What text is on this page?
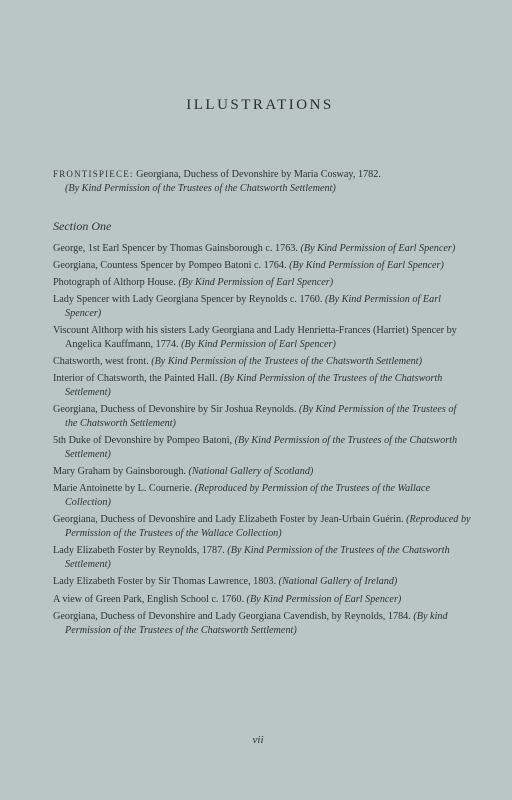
ILLUSTRATIONS
FRONTISPIECE: Georgiana, Duchess of Devonshire by Maria Cosway, 1782.
(By Kind Permission of the Trustees of the Chatsworth Settlement)
Section One
George, 1st Earl Spencer by Thomas Gainsborough c. 1763. (By Kind Permission of Earl Spencer)
Georgiana, Countess Spencer by Pompeo Batoni c. 1764. (By Kind Permission of Earl Spencer)
Photograph of Althorp House. (By Kind Permission of Earl Spencer)
Lady Spencer with Lady Georgiana Spencer by Reynolds c. 1760. (By Kind Permission of Earl Spencer)
Viscount Althorp with his sisters Lady Georgiana and Lady Henrietta-Frances (Harriet) Spencer by Angelica Kauffmann, 1774. (By Kind Permission of Earl Spencer)
Chatsworth, west front. (By Kind Permission of the Trustees of the Chatsworth Settlement)
Interior of Chatsworth, the Painted Hall. (By Kind Permission of the Trustees of the Chatsworth Settlement)
Georgiana, Duchess of Devonshire by Sir Joshua Reynolds. (By Kind Permission of the Trustees of the Chatsworth Settlement)
5th Duke of Devonshire by Pompeo Batoni, (By Kind Permission of the Trustees of the Chatsworth Settlement)
Mary Graham by Gainsborough. (National Gallery of Scotland)
Marie Antoinette by L. Cournerie. (Reproduced by Permission of the Trustees of the Wallace Collection)
Georgiana, Duchess of Devonshire and Lady Elizabeth Foster by Jean-Urbain Guérin. (Reproduced by Permission of the Trustees of the Wallace Collection)
Lady Elizabeth Foster by Reynolds, 1787. (By Kind Permission of the Trustees of the Chatsworth Settlement)
Lady Elizabeth Foster by Sir Thomas Lawrence, 1803. (National Gallery of Ireland)
A view of Green Park, English School c. 1760. (By Kind Permission of Earl Spencer)
Georgiana, Duchess of Devonshire and Lady Georgiana Cavendish, by Reynolds, 1784. (By kind Permission of the Trustees of the Chatsworth Settlement)
vii
